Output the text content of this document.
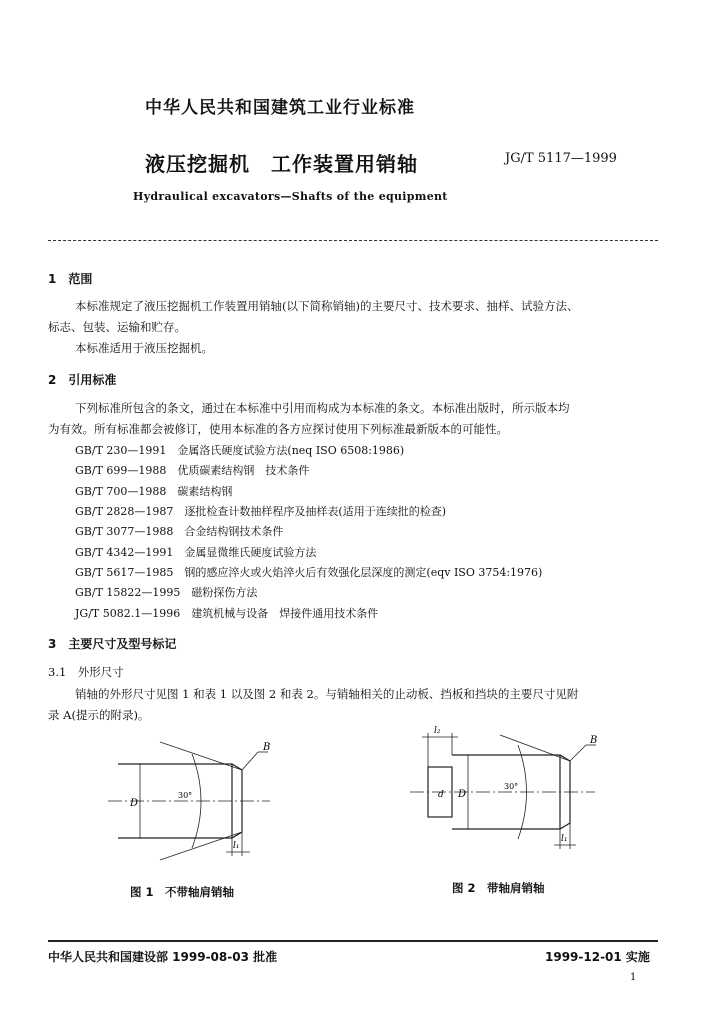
中华人民共和国建筑工业行业标准
液压挖掘机　工作装置用销轴	JG/T 5117—1999
Hydraulical excavators—Shafts of the equipment
1　范围
本标准规定了液压挖掘机工作装置用销轴(以下简称销轴)的主要尺寸、技术要求、抽样、试验方法、
标志、包装、运输和贮存。
本标准适用于液压挖掘机。
2　引用标准
下列标准所包含的条文，通过在本标准中引用而构成为本标准的条文。本标准出版时，所示版本均
为有效。所有标准都会被修订，使用本标准的各方应探讨使用下列标准最新版本的可能性。
GB/T 230—1991　金属洛氏硬度试验方法(neq ISO 6508:1986)
GB/T 699—1988　优质碳素结构钢　技术条件
GB/T 700—1988　碳素结构钢
GB/T 2828—1987　逐批检查计数抽样程序及抽样表(适用于连续批的检查)
GB/T 3077—1988　合金结构钢技术条件
GB/T 4342—1991　金属显微维氏硬度试验方法
GB/T 5617—1985　钢的感应淬火或火焰淬火后有效强化层深度的测定(eqv ISO 3754:1976)
GB/T 15822—1995　磁粉探伤方法
JG/T 5082.1—1996　建筑机械与设备　焊接件通用技术条件
3　主要尺寸及型号标记
3.1　外形尺寸
销轴的外形尺寸见图 1 和表 1 以及图 2 和表 2。与销轴相关的止动板、挡板和挡块的主要尺寸见附
录 A(提示的附录)。
B
D
30°
l₁
l₂
B
d D
30°
l₁
图 1　不带轴肩销轴	图 2　带轴肩销轴
中华人民共和国建设部 1999-08-03 批准	1999-12-01 实施
1
